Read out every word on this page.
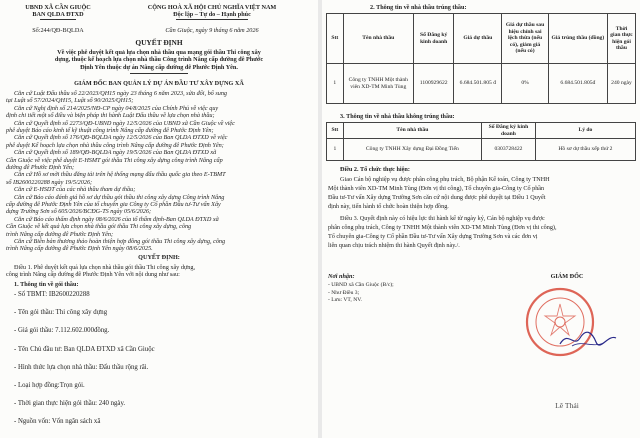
UBND XÃ CẦN GIUỘC
BAN QLDA ĐTXD
CỘNG HOÀ XÃ HỘI CHỦ NGHĨA VIỆT NAM
Độc lập – Tự do – Hạnh phúc
Số:244/QĐ-BQLDA	Cần Giuộc, ngày 9 tháng 6 năm 2026
QUYẾT ĐỊNH
Về việc phê duyệt kết quả lựa chọn nhà thầu qua mạng gói thầu Thi công xây
dựng, thuộc kế hoạch lựa chọn nhà thầu Công trình Nâng cấp đường đê Phước
Định Yên thuộc dự án Nâng cấp đường đê Phước Định Yên.
GIÁM ĐỐC BAN QUẢN LÝ DỰ ÁN ĐẦU TƯ XÂY DỰNG XÃ
Căn cứ Luật Đấu thầu số 22/2023/QH15 ngày 23 tháng 6 năm 2023, sửa đổi, bổ sung
tại Luật số 57/2024/QH15, Luật số 90/2025/QH15;
Căn cứ Nghị định số 214/2025/NĐ-CP ngày 04/8/2025 của Chính Phủ về việc quy
định chi tiết một số điều và biện pháp thi hành Luật Đấu thầu về lựa chọn nhà thầu;
Căn cứ Quyết định số 2273/QĐ-UBND ngày 12/5/2026 của UBND xã Cần Giuộc về việc
phê duyệt Báo cáo kinh tế kỹ thuật công trình Nâng cấp đường đê Phước Định Yên;
Căn cứ Quyết định số 176/QĐ-BQLDA ngày 12/5/2026 của Ban QLDA ĐTXD về việc
phê duyệt Kế hoạch lựa chọn nhà thầu công trình Nâng cấp đường đê Phước Định Yên;
Căn cứ Quyết định số 189/QĐ-BQLDA ngày 19/5/2026 của Ban QLDA ĐTXD xã
Cần Giuộc về việc phê duyệt E-HSMT gói thầu Thi công xây dựng công trình Nâng cấp
đường đê Phước Định Yên;
Căn cứ Hồ sơ mời thầu đăng tải trên hệ thống mạng đấu thầu quốc gia theo E-TBMT
số IB2600220288 ngày 19/5/2026;
Căn cứ E-HSDT của các nhà thầu tham dự thầu;
Căn cứ Báo cáo đánh giá hồ sơ dự thầu gói thầu thi công xây dựng Công trình Nâng
cấp đường đê Phước Định Yên của tổ chuyên gia Công ty Cổ phần Đầu tư-Tư vấn Xây
dựng Trường Sơn số 605/2026/BCĐG-TS ngày 05/6/2026;
Căn cứ Báo cáo thẩm định ngày 08/6/2026 của tổ thẩm định-Ban QLDA ĐTXD xã
Cần Giuộc về kết quả lựa chọn nhà thầu gói thầu Thi công xây dựng, công
trình Nâng cấp đường đê Phước Định Yên;
Căn cứ Biên bản thương thảo hoàn thiện hợp đồng gói thầu Thi công xây dựng, công
trình Nâng cấp đường đê Phước Định Yên ngày 08/6/2025.
QUYẾT ĐỊNH:
Điều 1. Phê duyệt kết quả lựa chọn nhà thầu gói thầu Thi công xây dựng,
công trình Nâng cấp đường đê Phước Định Yên với nội dung như sau:
1. Thông tin về gói thầu:
- Số TBMT: IB2600220288
- Tên gói thầu: Thi công xây dựng
- Giá gói thầu: 7.112.602.000đồng.
- Tên Chủ đầu tư: Ban QLDA ĐTXD xã Cần Giuộc
- Hình thức lựa chọn nhà thầu: Đấu thầu rộng rãi.
- Loại hợp đồng:Trọn gói.
- Thời gian thực hiện gói thầu: 240 ngày.
- Nguồn vốn: Vốn ngân sách xã
2. Thông tin về nhà thầu trúng thầu:
Stt	Tên nhà thầu	Số Đăng ký kinh doanh	Giá dự thầu	Giá dự thầu sau hiệu chỉnh sai lệch thừa (nếu có), giảm giá (nếu có)	Giá trúng thầu (đồng)	Thời gian thực hiện gói thầu
1	Công ty TNHH Một thành viên XD-TM Minh Tùng	1100929622	6.684.501.805 đ	0%	6.684.501.805đ	240 ngày
3. Thông tin về nhà thầu không trúng thầu:
Stt	Tên nhà thầu	Số Đăng ký kinh doanh	Lý do
1	Công ty TNHH Xây dựng Đại Đồng Tiến	0303728422	Hồ sơ dự thầu xếp thứ 2
Điều 2. Tổ chức thực hiện:
Giao Cán bộ nghiệp vụ được phân công phụ trách, Bộ phận Kế toán, Công ty TNHH
Một thành viên XD-TM Minh Tùng (Đơn vị thi công), Tổ chuyên gia-Công ty Cổ phần
Đầu tư-Tư vấn Xây dựng Trường Sơn căn cứ nội dung được phê duyệt tại Điều 1 Quyết
định này, tiến hành tổ chức hoàn thiện hợp đồng.
Điều 3. Quyết định này có hiệu lực thi hành kể từ ngày ký, Cán bộ nghiệp vụ được
phân công phụ trách, Công ty TNHH Một thành viên XD-TM Minh Tùng (Đơn vị thi công),
Tổ chuyên gia-Công ty Cổ phần Đầu tư-Tư vấn Xây dựng Trường Sơn và các đơn vị
liên quan chịu trách nhiệm thi hành Quyết định này./.
Nơi nhận:
- UBND xã Cần Giuộc (B/c);
- Như Điều 3;
- Lưu: VT, NV.
GIÁM ĐỐC
Lê Thái
